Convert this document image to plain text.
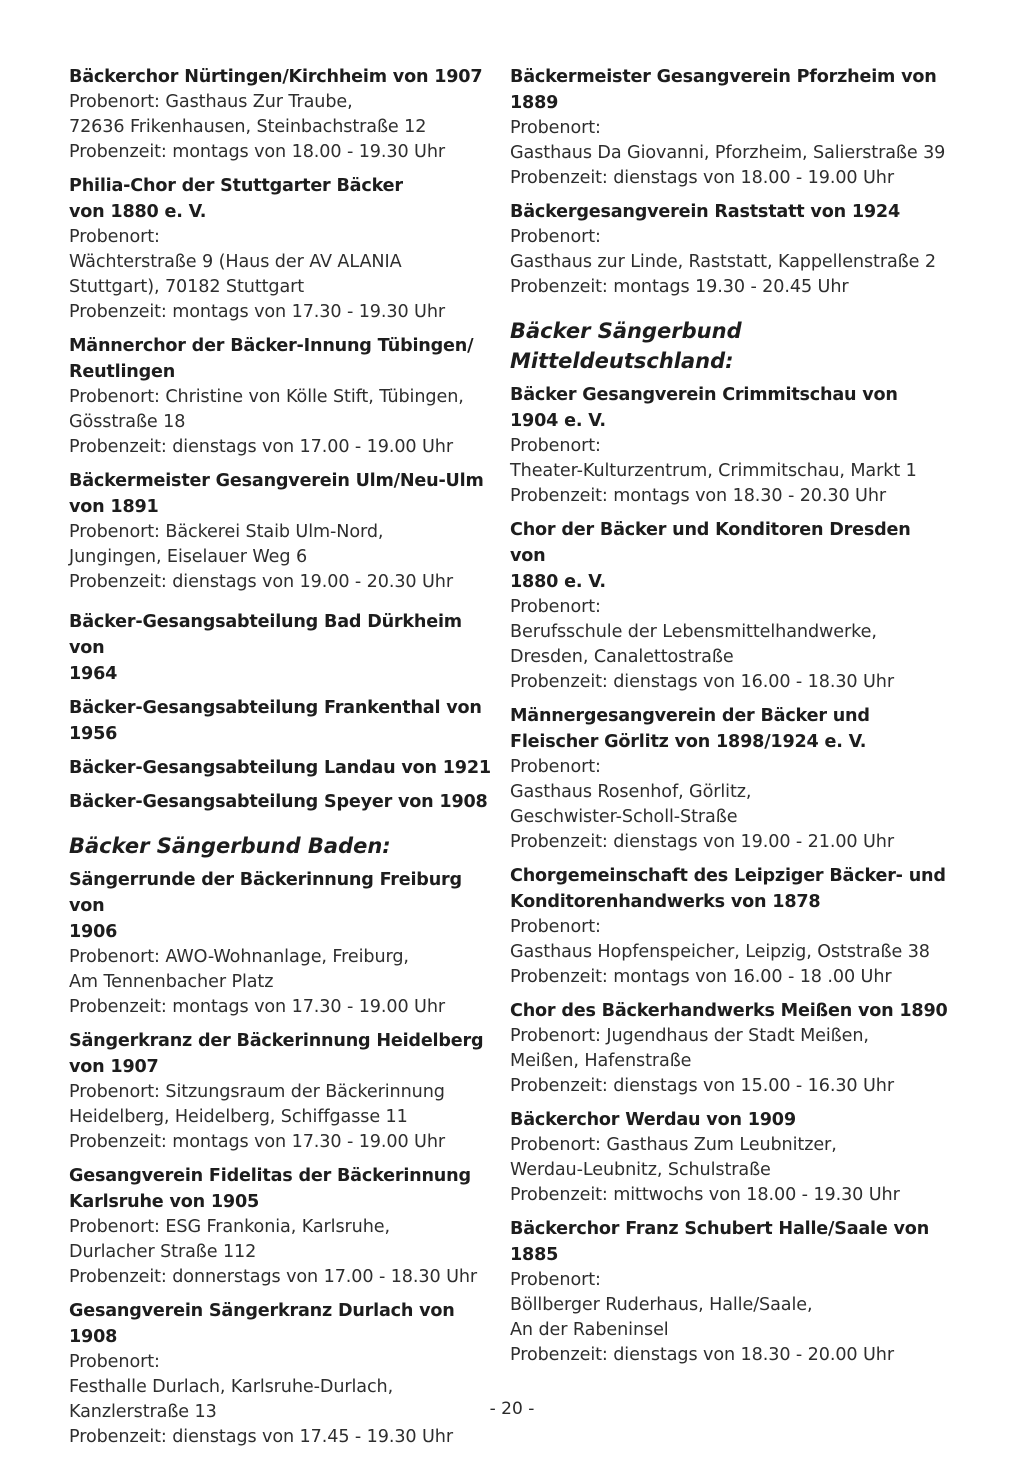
Bäckerchor Nürtingen/Kirchheim von 1907
Probenort: Gasthaus Zur Traube,
72636 Frikenhausen, Steinbachstraße 12
Probenzeit: montags von 18.00 - 19.30 Uhr
Philia-Chor der Stuttgarter Bäcker
von 1880 e. V.
Probenort:
Wächterstraße 9 (Haus der AV ALANIA
Stuttgart), 70182 Stuttgart
Probenzeit: montags von 17.30 - 19.30 Uhr
Männerchor der Bäcker-Innung Tübingen/
Reutlingen
Probenort: Christine von Kölle Stift, Tübingen,
Gösstraße 18
Probenzeit: dienstags von 17.00 - 19.00 Uhr
Bäckermeister Gesangverein Ulm/Neu-Ulm
von 1891
Probenort: Bäckerei Staib Ulm-Nord,
Jungingen, Eiselauer Weg 6
Probenzeit: dienstags von 19.00 - 20.30 Uhr
Bäcker-Gesangsabteilung Bad Dürkheim von
1964
Bäcker-Gesangsabteilung Frankenthal von
1956
Bäcker-Gesangsabteilung Landau von 1921
Bäcker-Gesangsabteilung Speyer von 1908
Bäcker Sängerbund Baden:
Sängerrunde der Bäckerinnung Freiburg von
1906
Probenort: AWO-Wohnanlage, Freiburg,
Am Tennenbacher Platz
Probenzeit: montags von 17.30 - 19.00 Uhr
Sängerkranz der Bäckerinnung Heidelberg
von 1907
Probenort: Sitzungsraum der Bäckerinnung
Heidelberg, Heidelberg, Schiffgasse 11
Probenzeit: montags von 17.30 - 19.00 Uhr
Gesangverein Fidelitas der Bäckerinnung
Karlsruhe von 1905
Probenort: ESG Frankonia, Karlsruhe,
Durlacher Straße 112
Probenzeit: donnerstags von 17.00 - 18.30 Uhr
Gesangverein Sängerkranz Durlach von 1908
Probenort:
Festhalle Durlach, Karlsruhe-Durlach,
Kanzlerstraße 13
Probenzeit: dienstags von 17.45 - 19.30 Uhr
Bäckermeister Gesangverein Pforzheim von
1889
Probenort:
Gasthaus Da Giovanni, Pforzheim, Salierstraße 39
Probenzeit: dienstags von 18.00 - 19.00 Uhr
Bäckergesangverein Raststatt von 1924
Probenort:
Gasthaus zur Linde, Raststatt, Kappellenstraße 2
Probenzeit: montags 19.30 - 20.45 Uhr
Bäcker Sängerbund Mitteldeutschland:
Bäcker Gesangverein Crimmitschau von
1904 e. V.
Probenort:
Theater-Kulturzentrum, Crimmitschau, Markt 1
Probenzeit: montags von 18.30 - 20.30 Uhr
Chor der Bäcker und Konditoren Dresden von
1880 e. V.
Probenort:
Berufsschule der Lebensmittelhandwerke,
Dresden, Canalettostraße
Probenzeit: dienstags von 16.00 - 18.30 Uhr
Männergesangverein der Bäcker und
Fleischer Görlitz von 1898/1924 e. V.
Probenort:
Gasthaus Rosenhof, Görlitz,
Geschwister-Scholl-Straße
Probenzeit: dienstags von 19.00 - 21.00 Uhr
Chorgemeinschaft des Leipziger Bäcker- und
Konditorenhandwerks von 1878
Probenort:
Gasthaus Hopfenspeicher, Leipzig, Oststraße 38
Probenzeit: montags von 16.00 - 18 .00 Uhr
Chor des Bäckerhandwerks Meißen von 1890
Probenort: Jugendhaus der Stadt Meißen,
Meißen, Hafenstraße
Probenzeit: dienstags von 15.00 - 16.30 Uhr
Bäckerchor Werdau von 1909
Probenort: Gasthaus Zum Leubnitzer,
Werdau-Leubnitz, Schulstraße
Probenzeit: mittwochs von 18.00 - 19.30 Uhr
Bäckerchor Franz Schubert Halle/Saale von
1885
Probenort:
Böllberger Ruderhaus, Halle/Saale,
An der Rabeninsel
Probenzeit: dienstags von 18.30 - 20.00 Uhr
- 20 -
